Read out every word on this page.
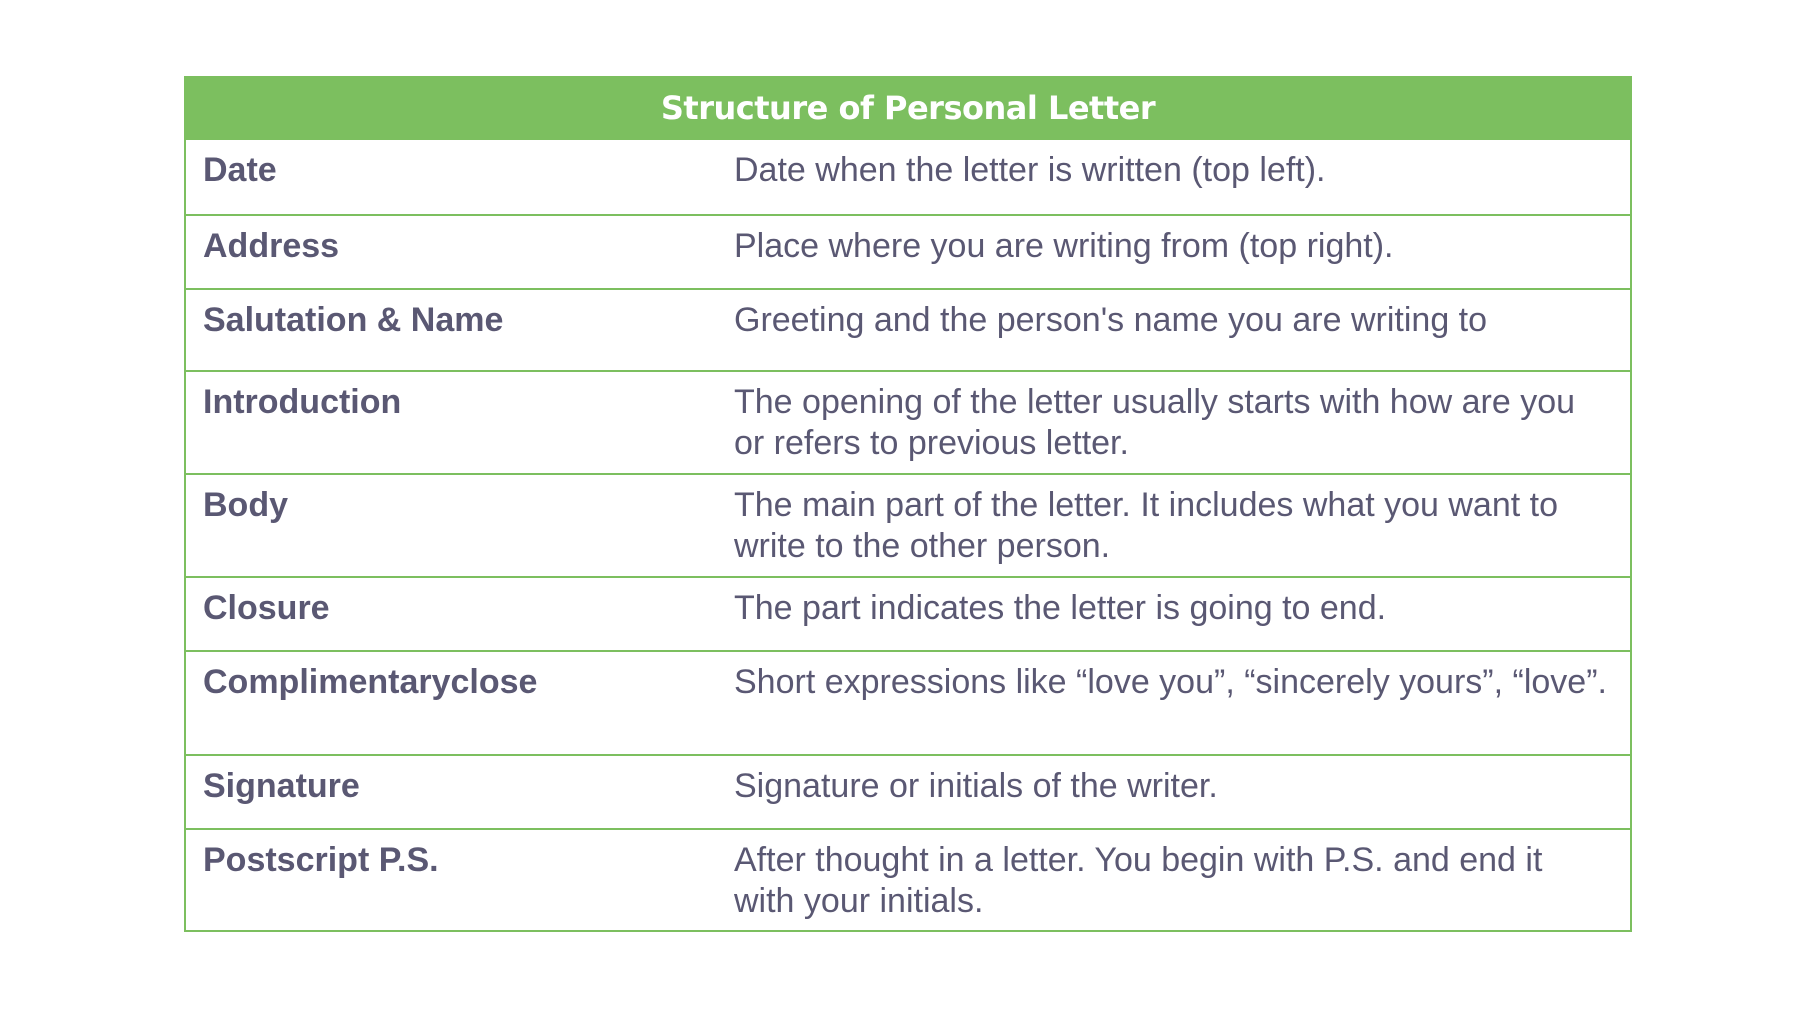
Structure of Personal Letter
Date	Date when the letter is written (top left).
Address	Place where you are writing from (top right).
Salutation & Name	Greeting and the person's name you are writing to
Introduction	The opening of the letter usually starts with how are you or refers to previous letter.
Body	The main part of the letter. It includes what you want to write to the other person.
Closure	The part indicates the letter is going to end.
Complimentaryclose	Short expressions like “love you”, “sincerely yours”, “love”.
Signature	Signature or initials of the writer.
Postscript P.S.	After thought in a letter. You begin with P.S. and end it with your initials.
